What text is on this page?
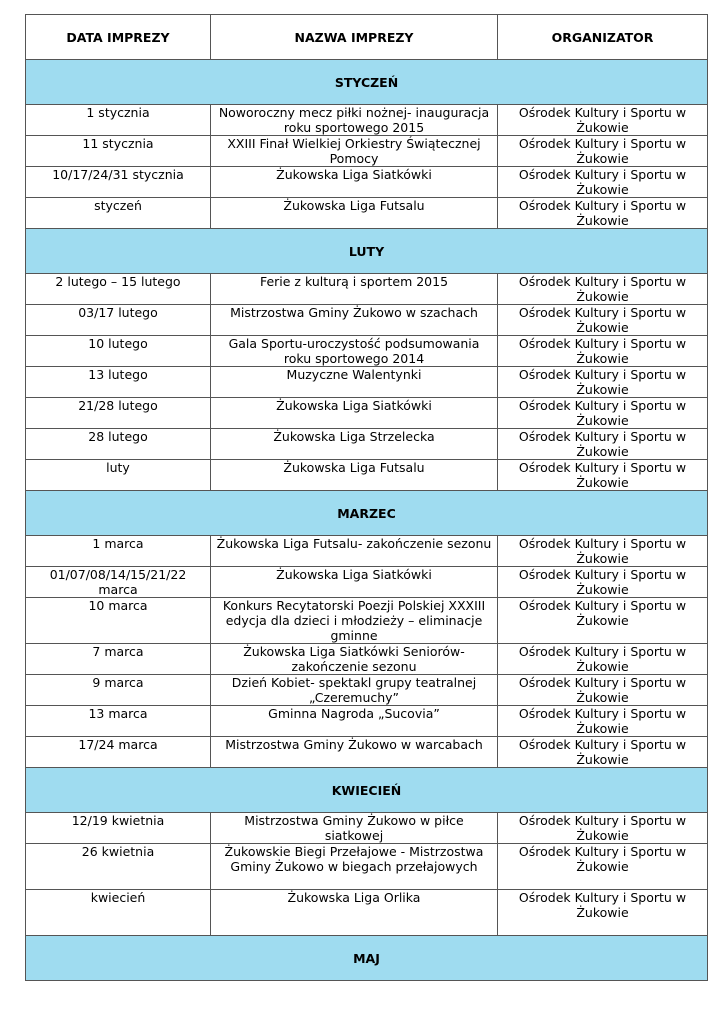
DATA IMPREZY	NAZWA IMPREZY	ORGANIZATOR
STYCZEŃ		
1 stycznia	Noworoczny mecz piłki nożnej- inauguracja roku sportowego 2015	Ośrodek Kultury i Sportu w Żukowie
11 stycznia	XXIII Finał Wielkiej Orkiestry Świątecznej Pomocy	Ośrodek Kultury i Sportu w Żukowie
10/17/24/31 stycznia	Żukowska Liga Siatkówki	Ośrodek Kultury i Sportu w Żukowie
styczeń	Żukowska Liga Futsalu	Ośrodek Kultury i Sportu w Żukowie
LUTY		
2 lutego – 15 lutego	Ferie z kulturą i sportem 2015	Ośrodek Kultury i Sportu w Żukowie
03/17 lutego	Mistrzostwa Gminy Żukowo w szachach	Ośrodek Kultury i Sportu w Żukowie
10 lutego	Gala Sportu-uroczystość podsumowania roku sportowego 2014	Ośrodek Kultury i Sportu w Żukowie
13 lutego	Muzyczne Walentynki	Ośrodek Kultury i Sportu w Żukowie
21/28 lutego	Żukowska Liga Siatkówki	Ośrodek Kultury i Sportu w Żukowie
28 lutego	Żukowska Liga Strzelecka	Ośrodek Kultury i Sportu w Żukowie
luty	Żukowska Liga Futsalu	Ośrodek Kultury i Sportu w Żukowie
MARZEC		
1 marca	Żukowska Liga Futsalu- zakończenie sezonu	Ośrodek Kultury i Sportu w Żukowie
01/07/08/14/15/21/22 marca	Żukowska Liga Siatkówki	Ośrodek Kultury i Sportu w Żukowie
10 marca	Konkurs Recytatorski Poezji Polskiej XXXIII edycja dla dzieci i młodzieży – eliminacje gminne	Ośrodek Kultury i Sportu w Żukowie
7 marca	Żukowska Liga Siatkówki Seniorów- zakończenie sezonu	Ośrodek Kultury i Sportu w Żukowie
9 marca	Dzień Kobiet- spektakl grupy teatralnej „Czeremuchy”	Ośrodek Kultury i Sportu w Żukowie
13 marca	Gminna Nagroda „Sucovia”	Ośrodek Kultury i Sportu w Żukowie
17/24 marca	Mistrzostwa Gminy Żukowo w warcabach	Ośrodek Kultury i Sportu w Żukowie
KWIECIEŃ		
12/19 kwietnia	Mistrzostwa Gminy Żukowo w piłce siatkowej	Ośrodek Kultury i Sportu w Żukowie
26 kwietnia	Żukowskie Biegi Przełajowe - Mistrzostwa Gminy Żukowo w biegach przełajowych	Ośrodek Kultury i Sportu w Żukowie
kwiecień	Żukowska Liga Orlika	Ośrodek Kultury i Sportu w Żukowie
MAJ		
